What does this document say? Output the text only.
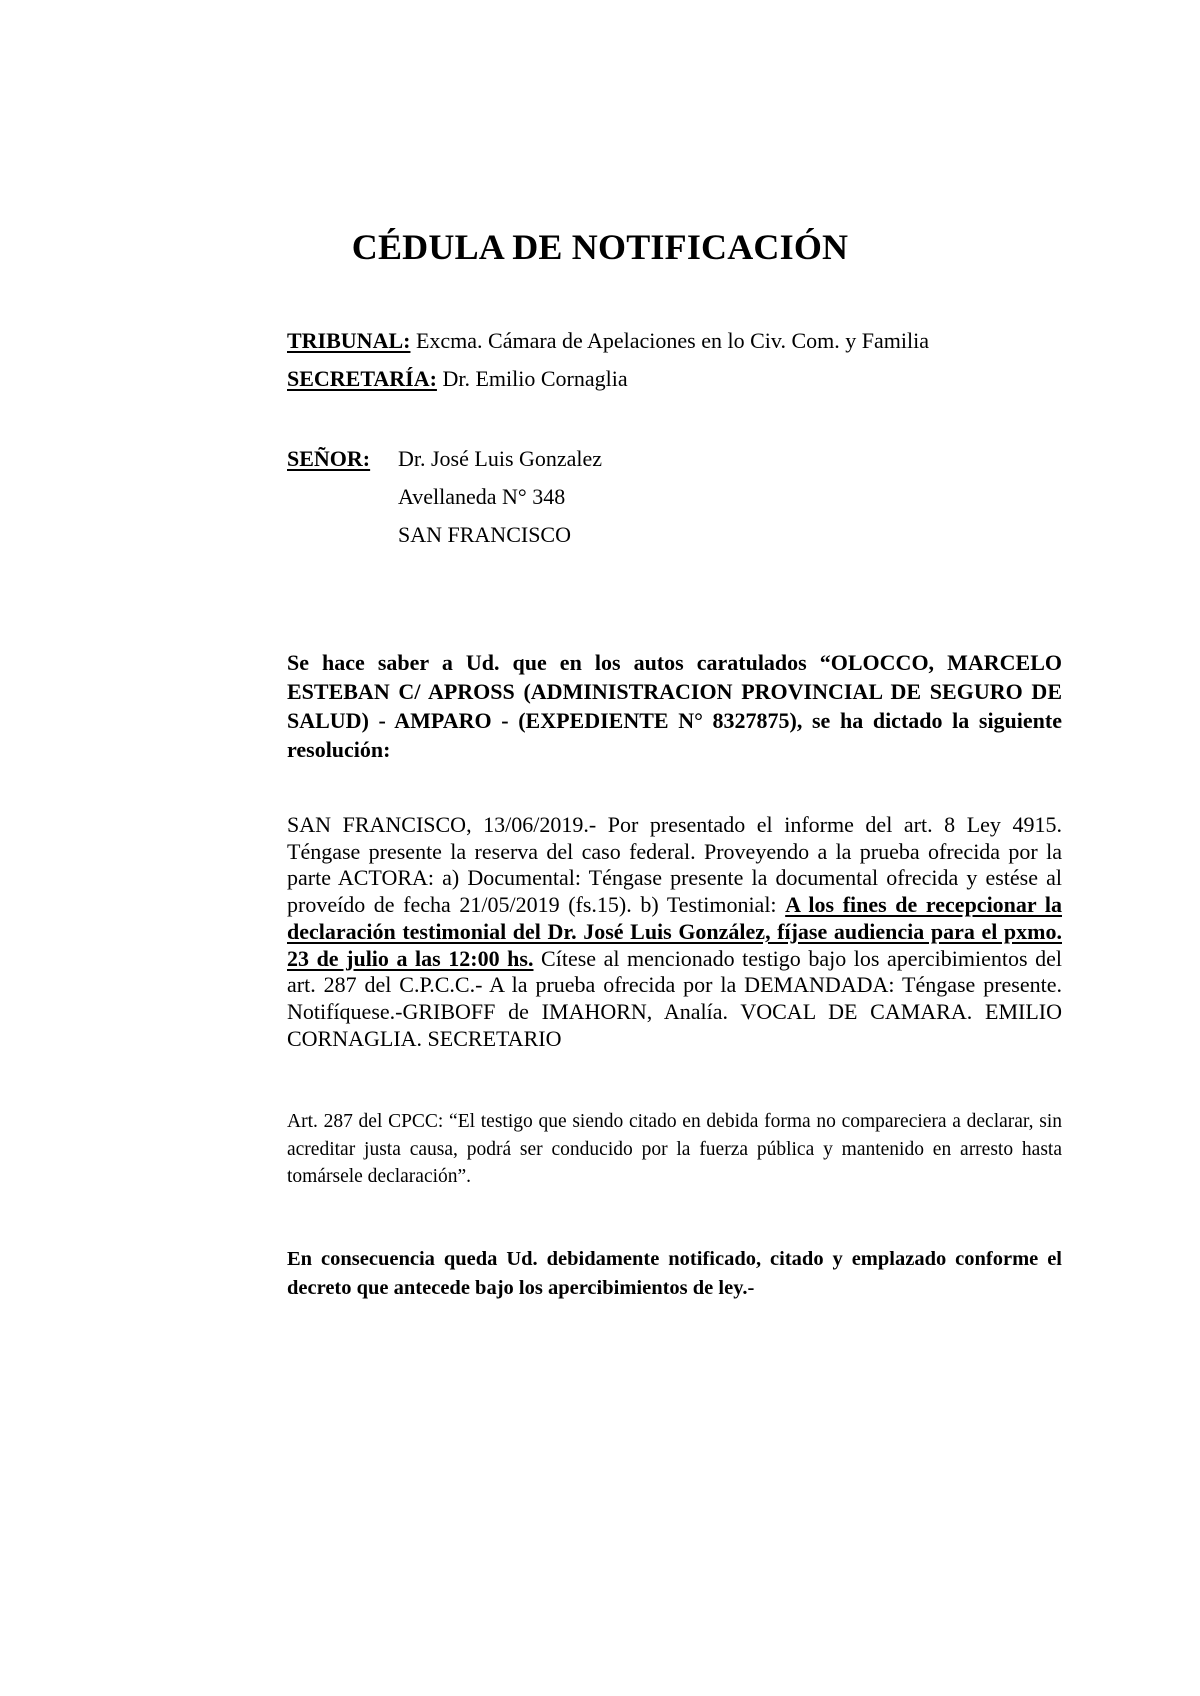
CÉDULA DE NOTIFICACIÓN
TRIBUNAL: Excma. Cámara de Apelaciones en lo Civ. Com. y Familia
SECRETARÍA: Dr. Emilio Cornaglia
SEÑOR: Dr. José Luis Gonzalez
Avellaneda N° 348
SAN FRANCISCO
Se hace saber a Ud. que en los autos caratulados “OLOCCO, MARCELO ESTEBAN C/ APROSS (ADMINISTRACION PROVINCIAL DE SEGURO DE SALUD) - AMPARO - (EXPEDIENTE N° 8327875), se ha dictado la siguiente resolución:
SAN FRANCISCO, 13/06/2019.- Por presentado el informe del art. 8 Ley 4915. Téngase presente la reserva del caso federal. Proveyendo a la prueba ofrecida por la parte ACTORA: a) Documental: Téngase presente la documental ofrecida y estése al proveído de fecha 21/05/2019 (fs.15). b) Testimonial: A los fines de recepcionar la declaración testimonial del Dr. José Luis González, fíjase audiencia para el pxmo. 23 de julio a las 12:00 hs. Cítese al mencionado testigo bajo los apercibimientos del art. 287 del C.P.C.C.- A la prueba ofrecida por la DEMANDADA: Téngase presente. Notifíquese.-GRIBOFF de IMAHORN, Analía. VOCAL DE CAMARA. EMILIO CORNAGLIA. SECRETARIO
Art. 287 del CPCC: “El testigo que siendo citado en debida forma no compareciera a declarar, sin acreditar justa causa, podrá ser conducido por la fuerza pública y mantenido en arresto hasta tomársele declaración”.
En consecuencia queda Ud. debidamente notificado, citado y emplazado conforme el decreto que antecede bajo los apercibimientos de ley.-
